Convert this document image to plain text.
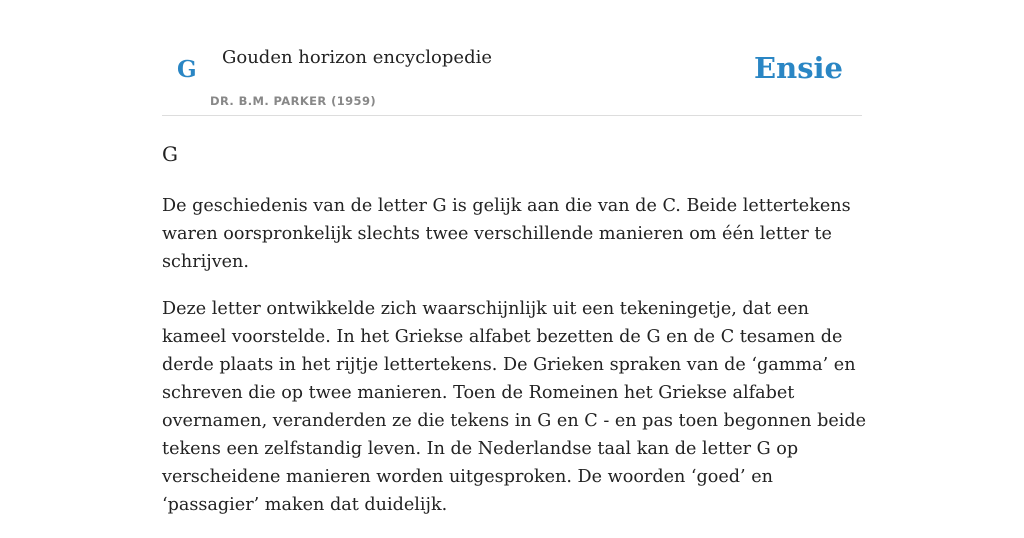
G Gouden horizon encyclopedie
DR. B.M. PARKER (1959)
Ensie
G

De geschiedenis van de letter G is gelijk aan die van de C. Beide lettertekens waren oorspronkelijk slechts twee verschillende manieren om één letter te schrijven.

Deze letter ontwikkelde zich waarschijnlijk uit een tekeningetje, dat een kameel voorstelde. In het Griekse alfabet bezetten de G en de C tesamen de derde plaats in het rijtje lettertekens. De Grieken spraken van de ‘gamma’ en schreven die op twee manieren. Toen de Romeinen het Griekse alfabet overnamen, veranderden ze die tekens in G en C - en pas toen begonnen beide tekens een zelfstandig leven. In de Nederlandse taal kan de letter G op verscheidene manieren worden uitgesproken. De woorden ‘goed’ en ‘passagier’ maken dat duidelijk.
